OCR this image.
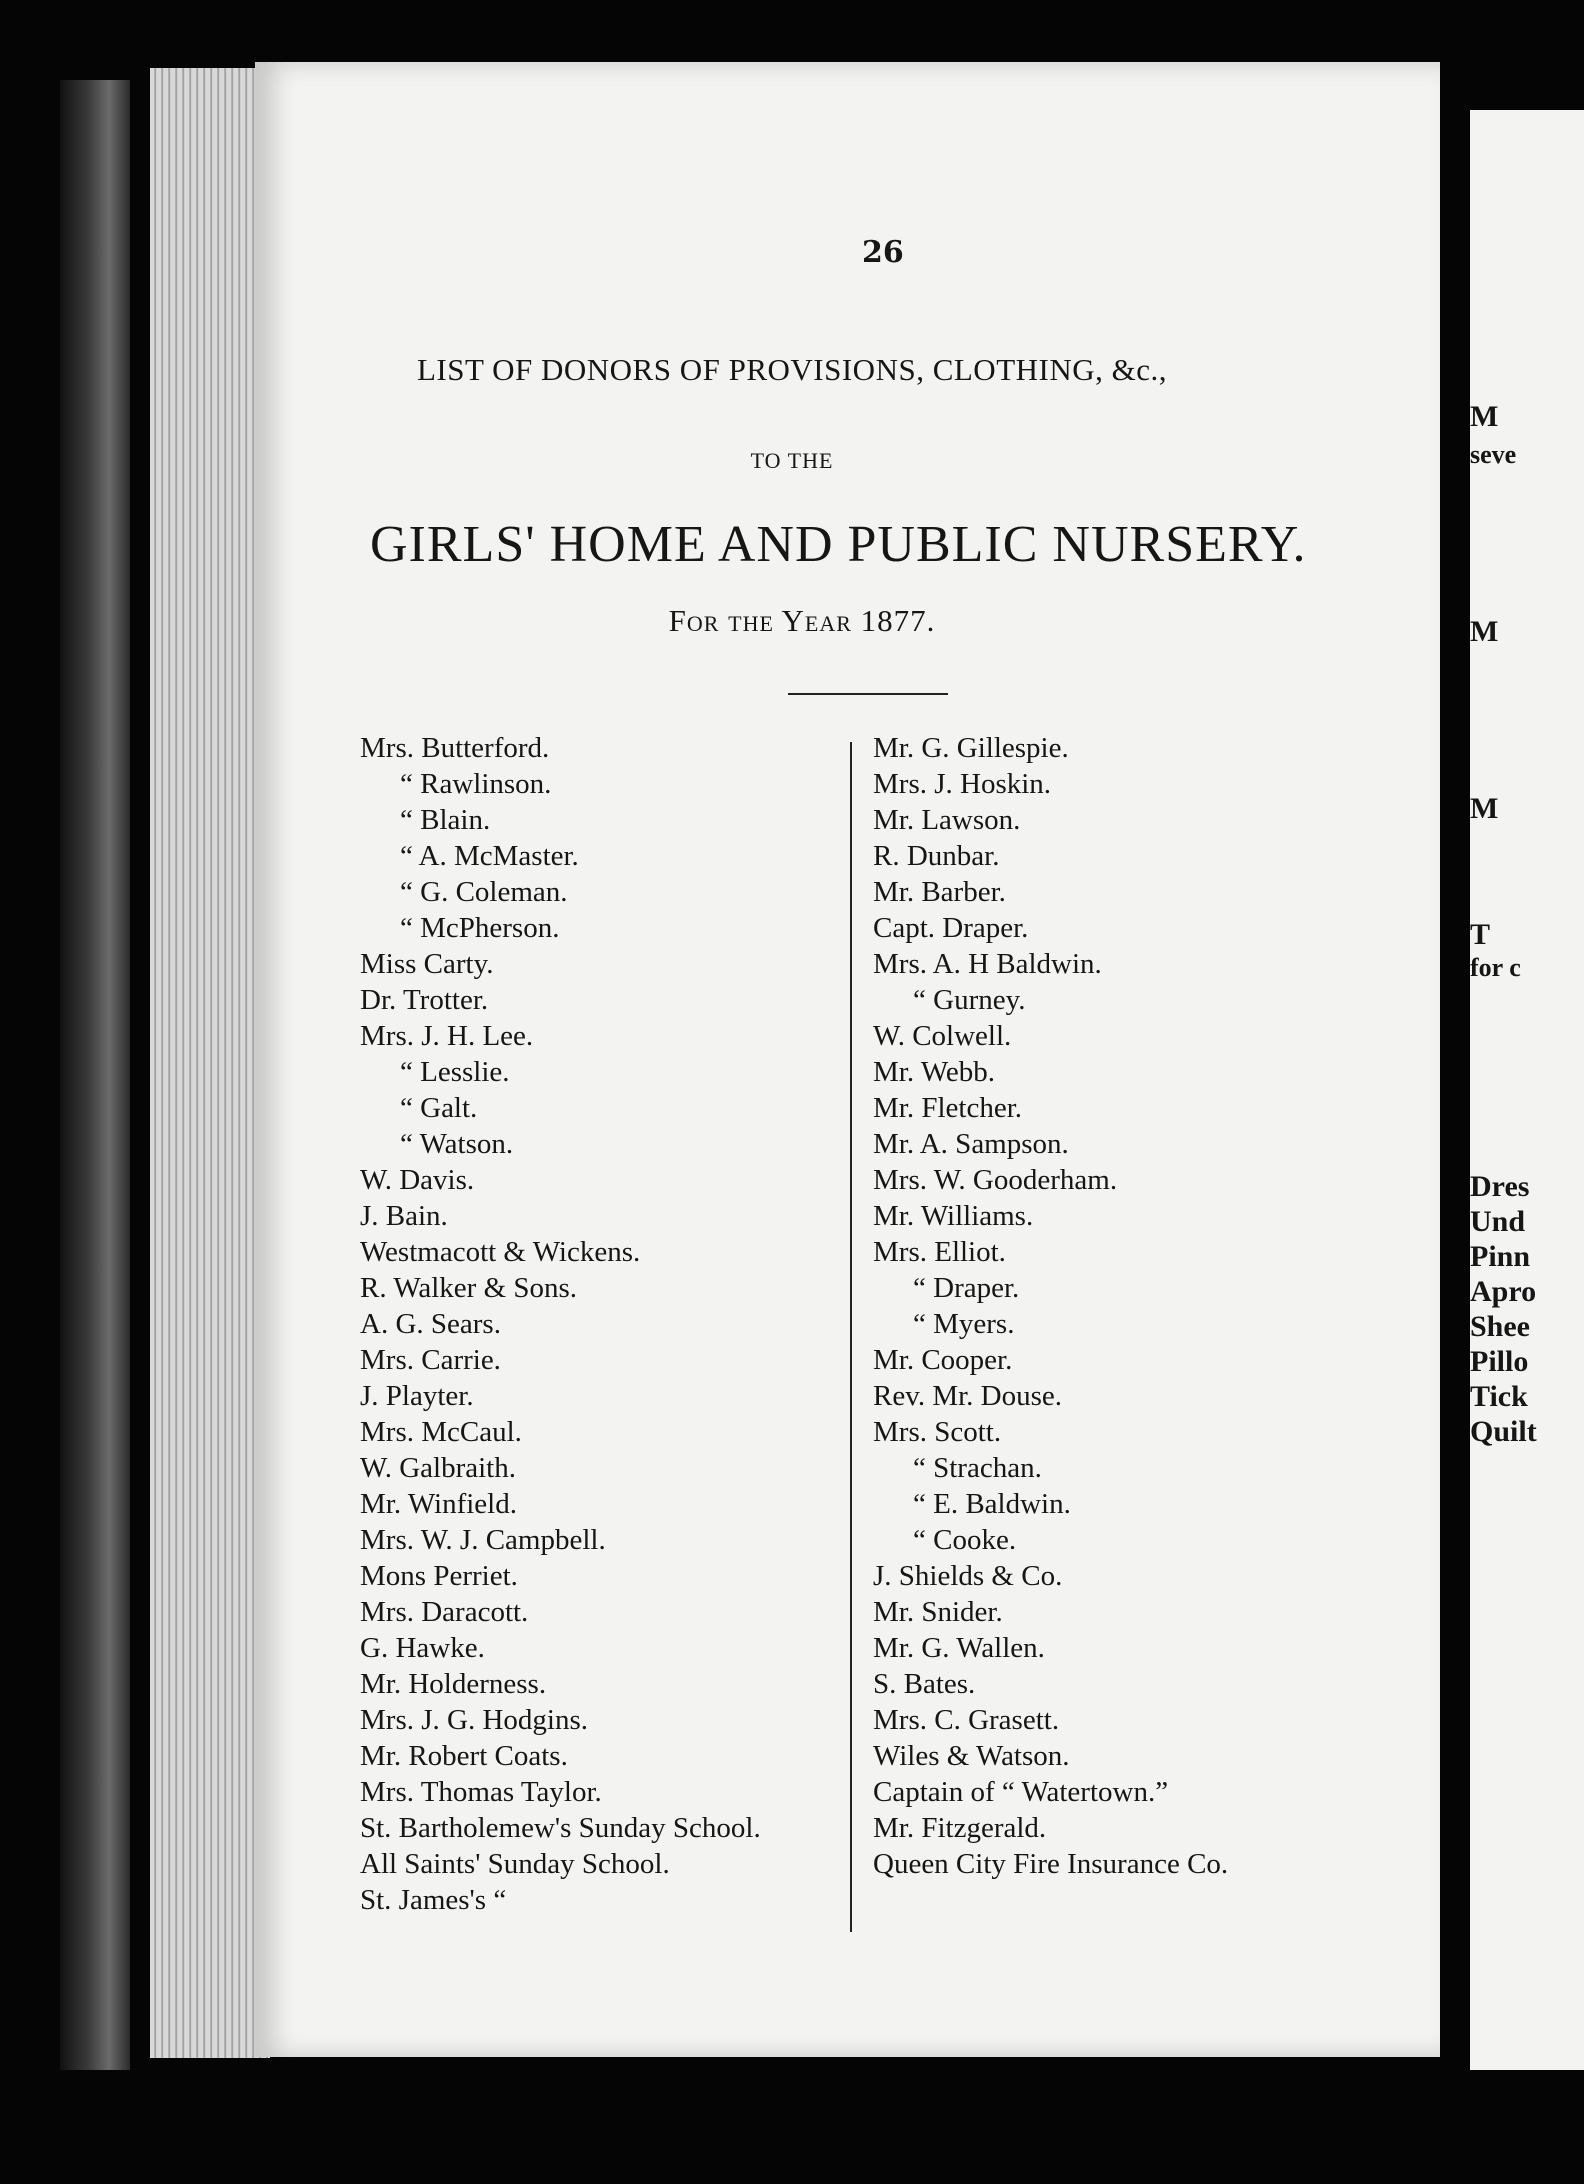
M
seve
M
M
T
for c
Dres
Und
Pinn
Apro
Shee
Pillo
Tick
Quilt
26
LIST OF DONORS OF PROVISIONS, CLOTHING, &c.,
TO THE
GIRLS' HOME AND PUBLIC NURSERY.
For the Year 1877.
Mrs. Butterford.
“ Rawlinson.
“ Blain.
“ A. McMaster.
“ G. Coleman.
“ McPherson.
Miss Carty.
Dr. Trotter.
Mrs. J. H. Lee.
“ Lesslie.
“ Galt.
“ Watson.
W. Davis.
J. Bain.
Westmacott & Wickens.
R. Walker & Sons.
A. G. Sears.
Mrs. Carrie.
J. Playter.
Mrs. McCaul.
W. Galbraith.
Mr. Winfield.
Mrs. W. J. Campbell.
Mons Perriet.
Mrs. Daracott.
G. Hawke.
Mr. Holderness.
Mrs. J. G. Hodgins.
Mr. Robert Coats.
Mrs. Thomas Taylor.
St. Bartholemew's Sunday School.
All Saints' Sunday School.
St. James's “
Mr. G. Gillespie.
Mrs. J. Hoskin.
Mr. Lawson.
R. Dunbar.
Mr. Barber.
Capt. Draper.
Mrs. A. H Baldwin.
“ Gurney.
W. Colwell.
Mr. Webb.
Mr. Fletcher.
Mr. A. Sampson.
Mrs. W. Gooderham.
Mr. Williams.
Mrs. Elliot.
“ Draper.
“ Myers.
Mr. Cooper.
Rev. Mr. Douse.
Mrs. Scott.
“ Strachan.
“ E. Baldwin.
“ Cooke.
J. Shields & Co.
Mr. Snider.
Mr. G. Wallen.
S. Bates.
Mrs. C. Grasett.
Wiles & Watson.
Captain of “ Watertown.”
Mr. Fitzgerald.
Queen City Fire Insurance Co.
